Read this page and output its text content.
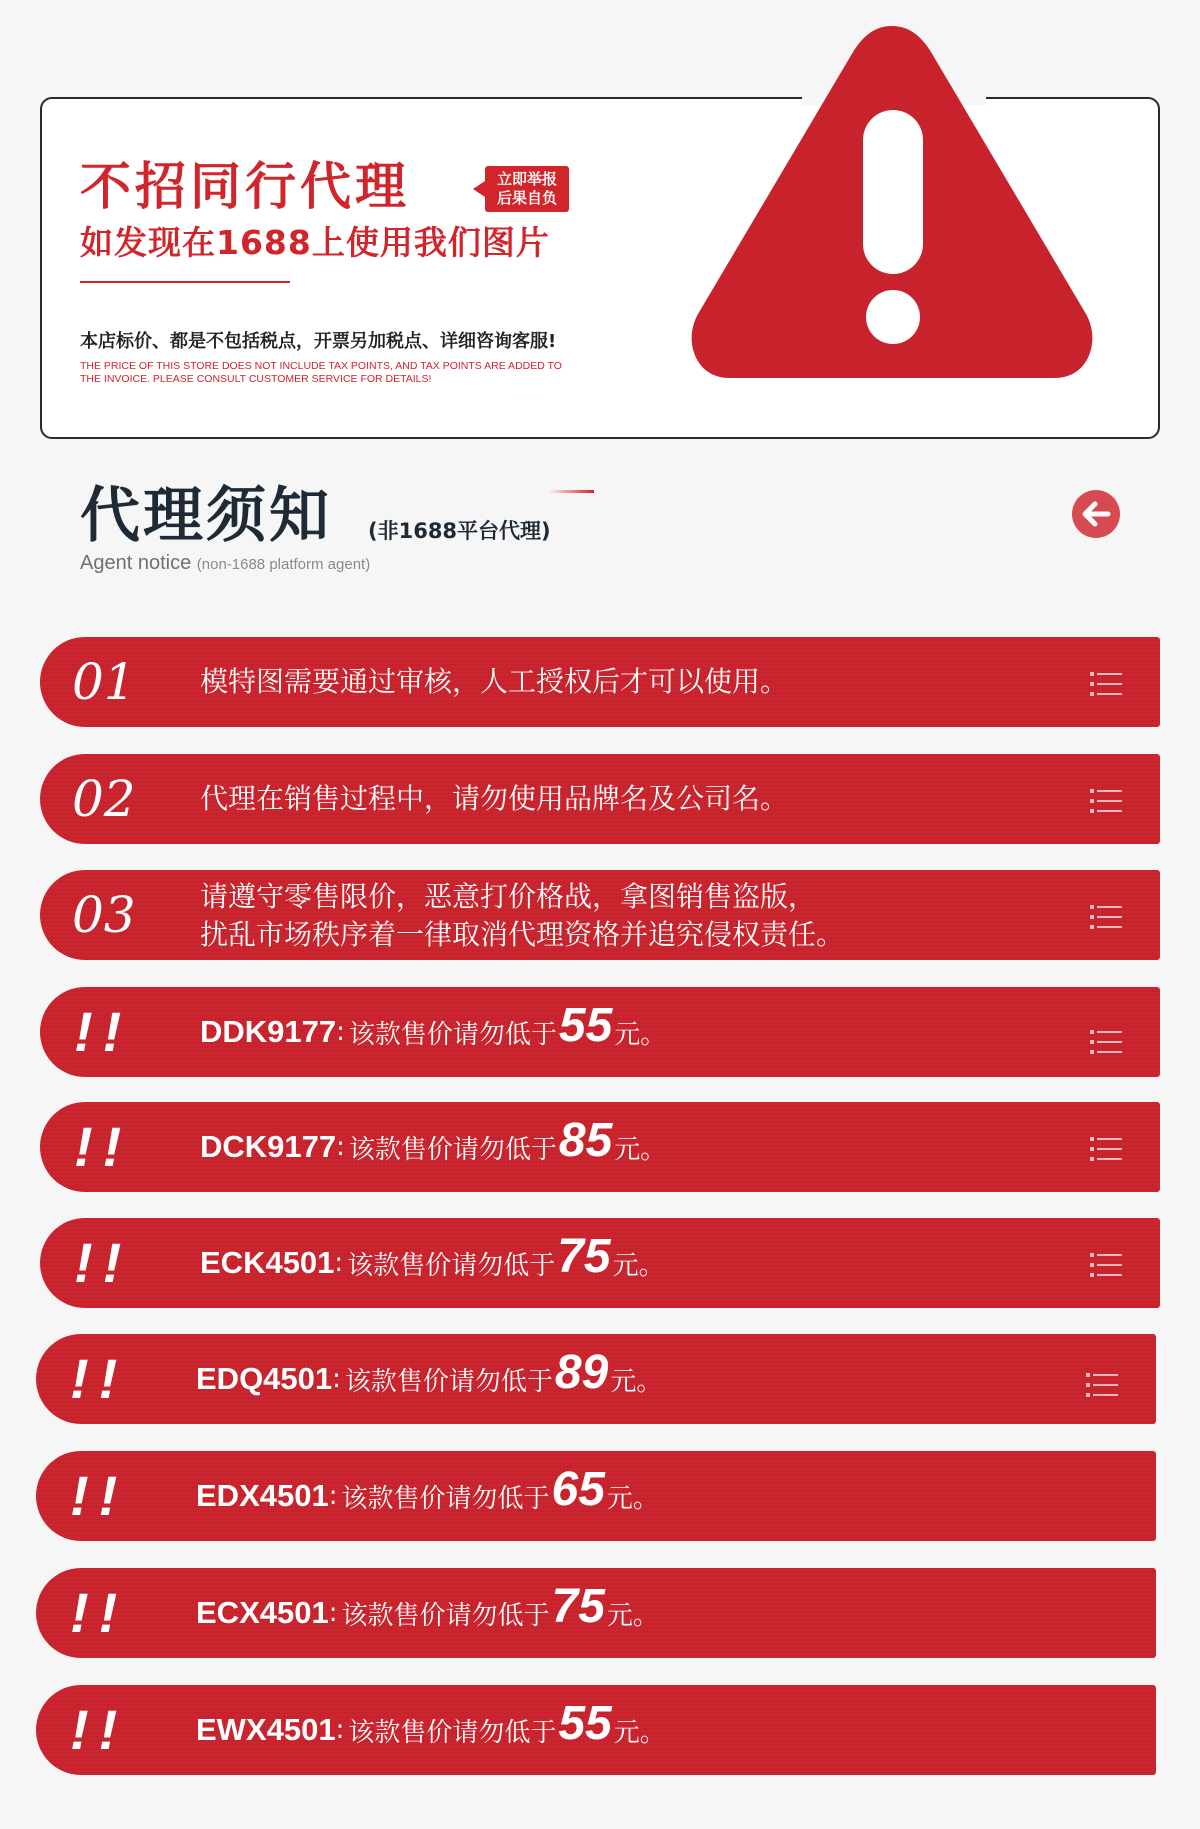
不招同行代理	立即举报
后果自负
如发现在1688上使用我们图片
本店标价、都是不包括税点，开票另加税点、详细咨询客服!
THE PRICE OF THIS STORE DOES NOT INCLUDE TAX POINTS, AND TAX POINTS ARE ADDED TO
THE INVOICE. PLEASE CONSULT CUSTOMER SERVICE FOR DETAILS!
代理须知 (非1688平台代理)
Agent notice (non-1688 platform agent)
01 模特图需要通过审核，人工授权后才可以使用。
02 代理在销售过程中，请勿使用品牌名及公司名。
03 请遵守零售限价，恶意打价格战，拿图销售盗版，
扰乱市场秩序着一律取消代理资格并追究侵权责任。
!! DDK9177 : 该款售价请勿低于 55 元。
!! DCK9177 : 该款售价请勿低于 85 元。
!! ECK4501 : 该款售价请勿低于 75 元。
!! EDQ4501 : 该款售价请勿低于 89 元。
!! EDX4501 : 该款售价请勿低于 65 元。
!! ECX4501 : 该款售价请勿低于 75 元。
!! EWX4501 : 该款售价请勿低于 55 元。
